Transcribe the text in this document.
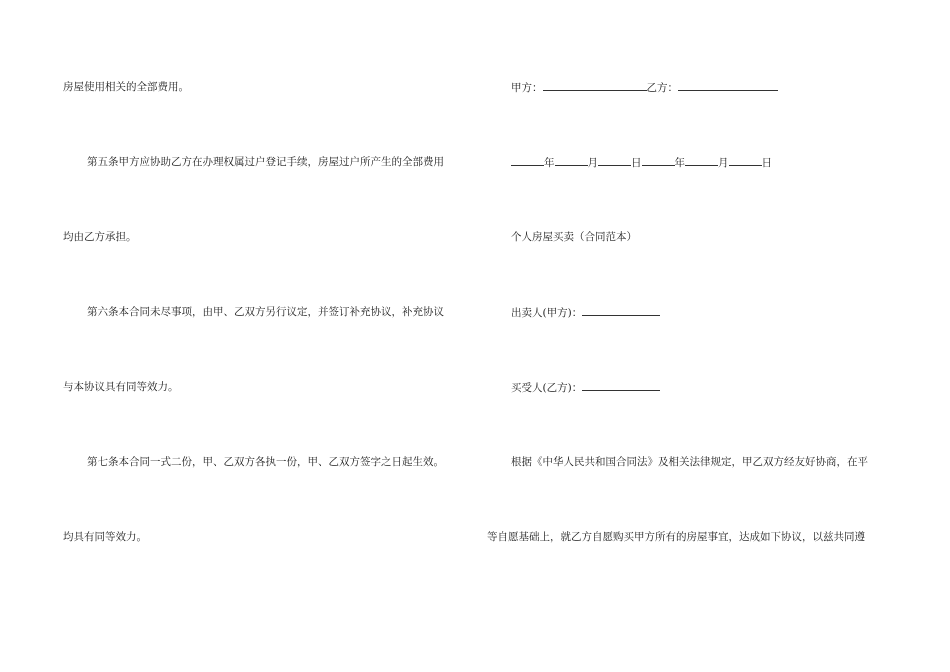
房屋使用相关的全部费用。
第五条甲方应协助乙方在办理权属过户登记手续，房屋过户所产生的全部费用
均由乙方承担。
第六条本合同未尽事项，由甲、乙双方另行议定，并签订补充协议，补充协议
与本协议具有同等效力。
第七条本合同一式二份，甲、乙双方各执一份，甲、乙双方签字之日起生效。
均具有同等效力。
甲方：	乙方：
年	月	日	年	月	日
个人房屋买卖（合同范本）
出卖人(甲方)：
买受人(乙方)：
根据《中华人民共和国合同法》及相关法律规定，甲乙双方经友好协商，在平
等自愿基础上，就乙方自愿购买甲方所有的房屋事宜，达成如下协议，以兹共同遵
